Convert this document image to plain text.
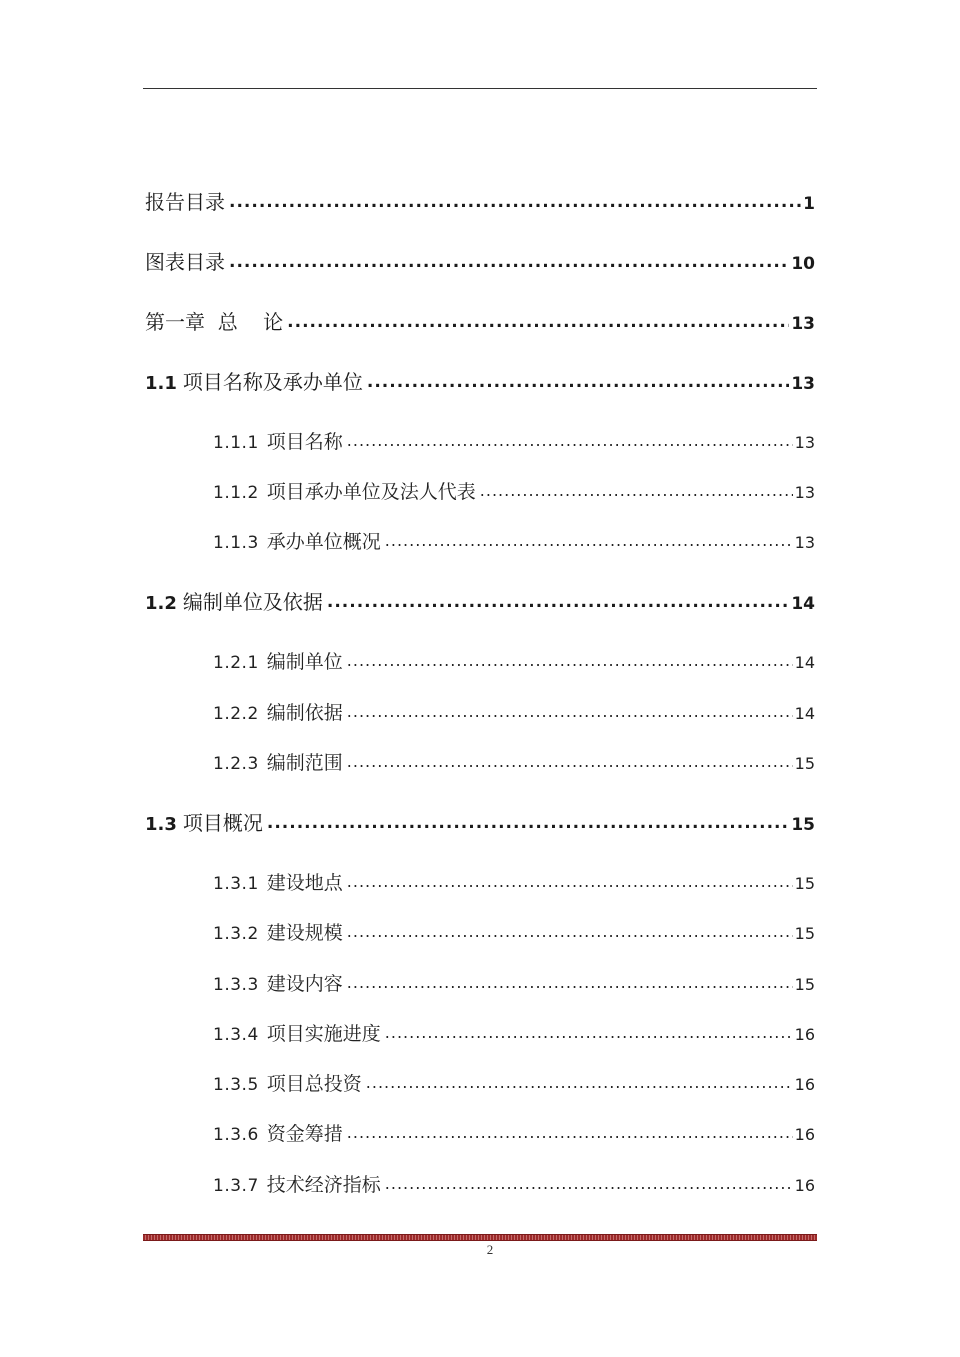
报告目录 .....	1
图表目录 .....	10
第一章  总    论 .....	13
1.1 项目名称及承办单位 .....	13
1.1.1 项目名称 .....	13
1.1.2 项目承办单位及法人代表 .....	13
1.1.3 承办单位概况 .....	13
1.2 编制单位及依据 .....	14
1.2.1 编制单位 .....	14
1.2.2 编制依据 .....	14
1.2.3 编制范围 .....	15
1.3 项目概况 .....	15
1.3.1 建设地点 .....	15
1.3.2 建设规模 .....	15
1.3.3 建设内容 .....	15
1.3.4 项目实施进度 .....	16
1.3.5 项目总投资 .....	16
1.3.6 资金筹措 .....	16
1.3.7 技术经济指标 .....	16
2
